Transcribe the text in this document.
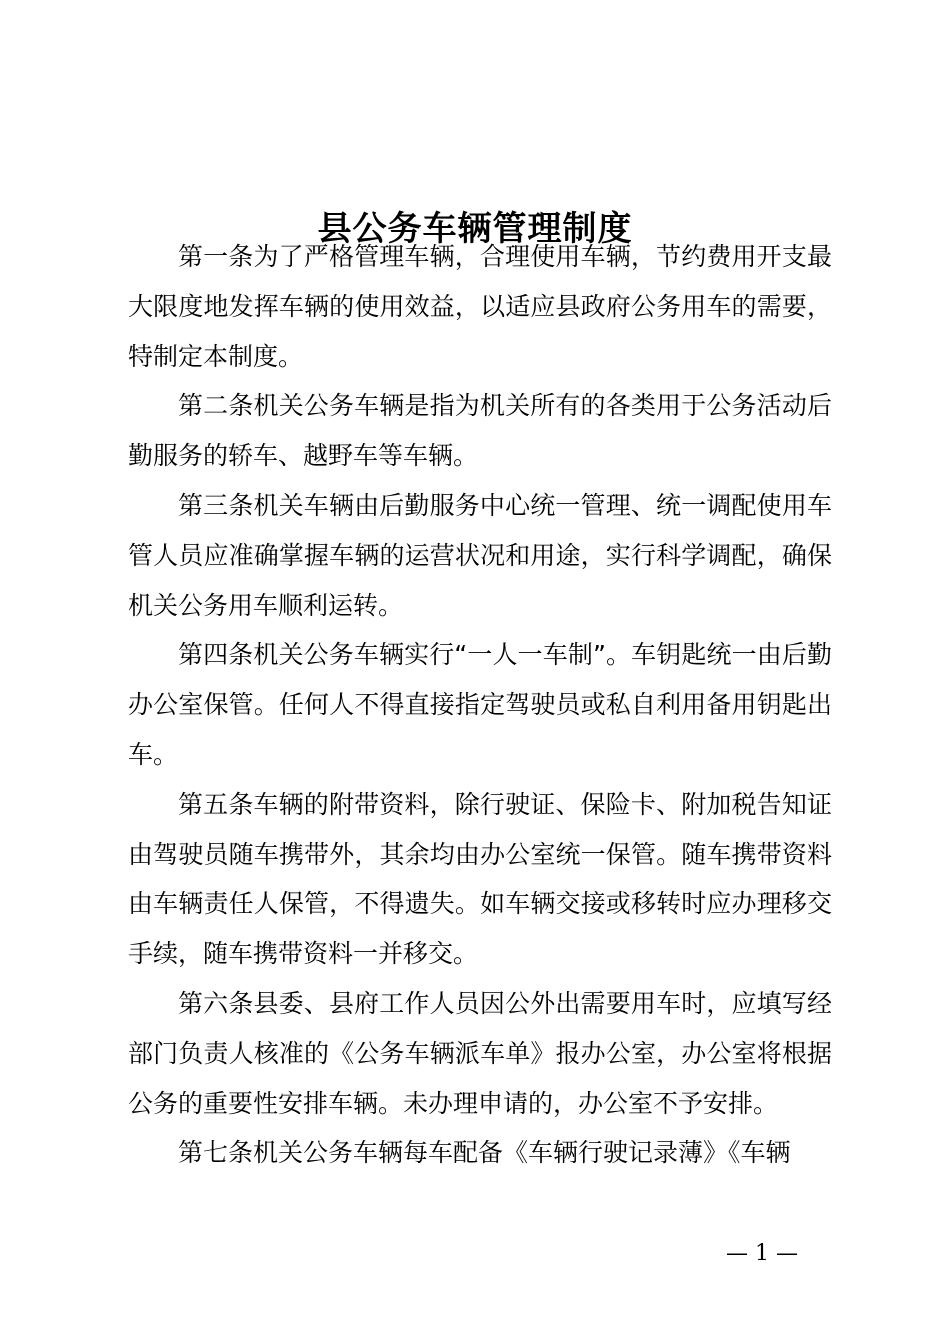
县公务车辆管理制度

第一条为了严格管理车辆，合理使用车辆，节约费用开支最大限度地发挥车辆的使用效益，以适应县政府公务用车的需要，特制定本制度。

第二条机关公务车辆是指为机关所有的各类用于公务活动后勤服务的轿车、越野车等车辆。

第三条机关车辆由后勤服务中心统一管理、统一调配使用车管人员应准确掌握车辆的运营状况和用途，实行科学调配，确保机关公务用车顺利运转。

第四条机关公务车辆实行“一人一车制”。车钥匙统一由后勤办公室保管。任何人不得直接指定驾驶员或私自利用备用钥匙出车。

第五条车辆的附带资料，除行驶证、保险卡、附加税告知证由驾驶员随车携带外，其余均由办公室统一保管。随车携带资料由车辆责任人保管，不得遗失。如车辆交接或移转时应办理移交手续，随车携带资料一并移交。

第六条县委、县府工作人员因公外出需要用车时，应填写经部门负责人核准的《公务车辆派车单》报办公室，办公室将根据公务的重要性安排车辆。未办理申请的，办公室不予安排。

第七条机关公务车辆每车配备《车辆行驶记录薄》《车辆

— 1 —
